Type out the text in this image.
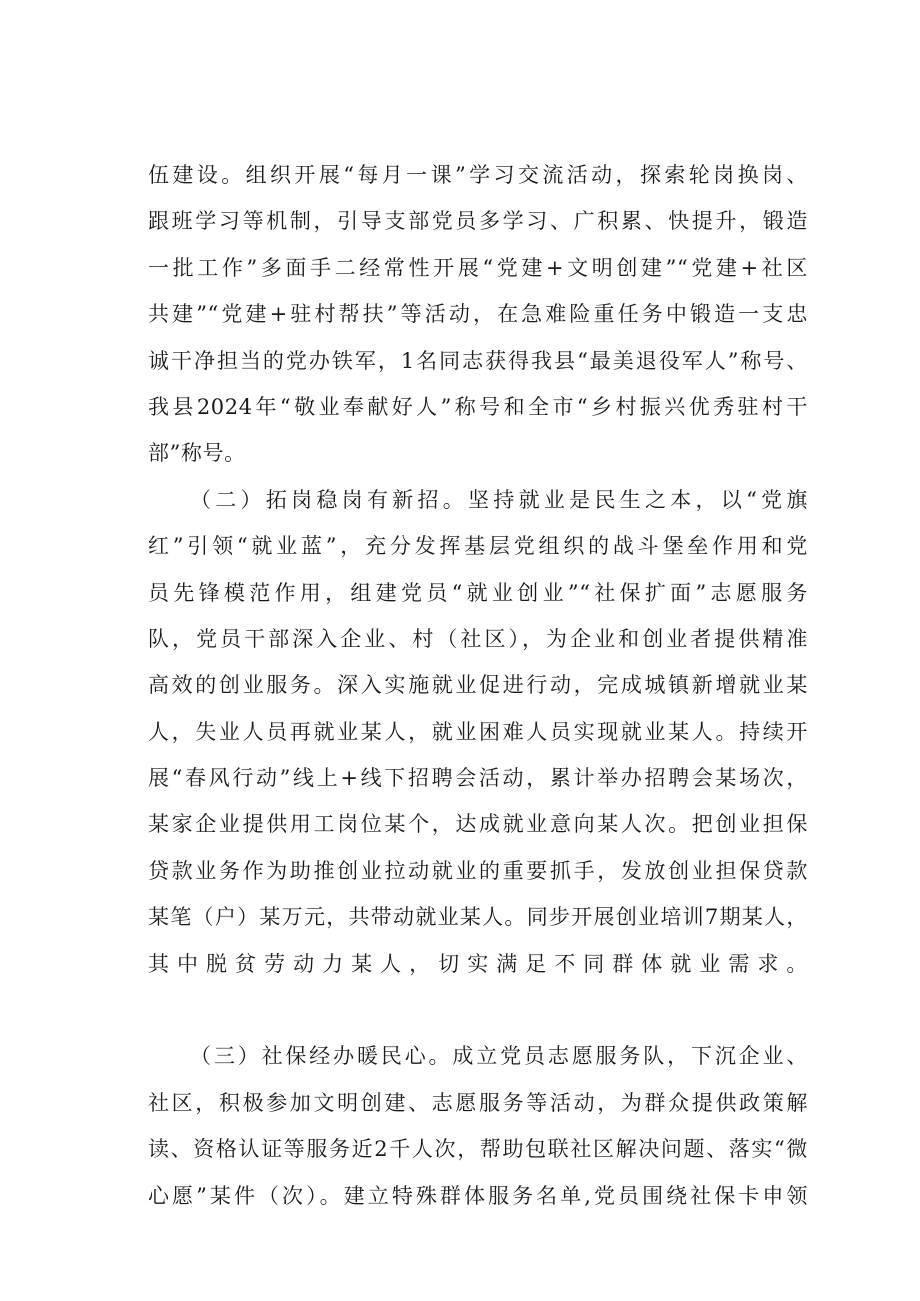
伍建设。组织开展“每月一课”学习交流活动，探索轮岗换岗、
跟班学习等机制，引导支部党员多学习、广积累、快提升，锻造
一批工作”多面手二经常性开展“党建+文明创建”“党建+社区
共建”“党建+驻村帮扶”等活动，在急难险重任务中锻造一支忠
诚干净担当的党办铁军，1名同志获得我县“最美退役军人”称号、
我县2024年“敬业奉献好人”称号和全市“乡村振兴优秀驻村干
部”称号。
（二）拓岗稳岗有新招。坚持就业是民生之本，以“党旗
红”引领“就业蓝”，充分发挥基层党组织的战斗堡垒作用和党
员先锋模范作用，组建党员“就业创业”“社保扩面”志愿服务
队，党员干部深入企业、村（社区），为企业和创业者提供精准
高效的创业服务。深入实施就业促进行动，完成城镇新增就业某
人，失业人员再就业某人，就业困难人员实现就业某人。持续开
展“春风行动”线上+线下招聘会活动，累计举办招聘会某场次，
某家企业提供用工岗位某个，达成就业意向某人次。把创业担保
贷款业务作为助推创业拉动就业的重要抓手，发放创业担保贷款
某笔（户）某万元，共带动就业某人。同步开展创业培训7期某人，
其中脱贫劳动力某人，切实满足不同群体就业需求。
（三）社保经办暖民心。成立党员志愿服务队，下沉企业、
社区，积极参加文明创建、志愿服务等活动，为群众提供政策解
读、资格认证等服务近2千人次，帮助包联社区解决问题、落实“微
心愿”某件（次）。建立特殊群体服务名单,党员围绕社保卡申领
